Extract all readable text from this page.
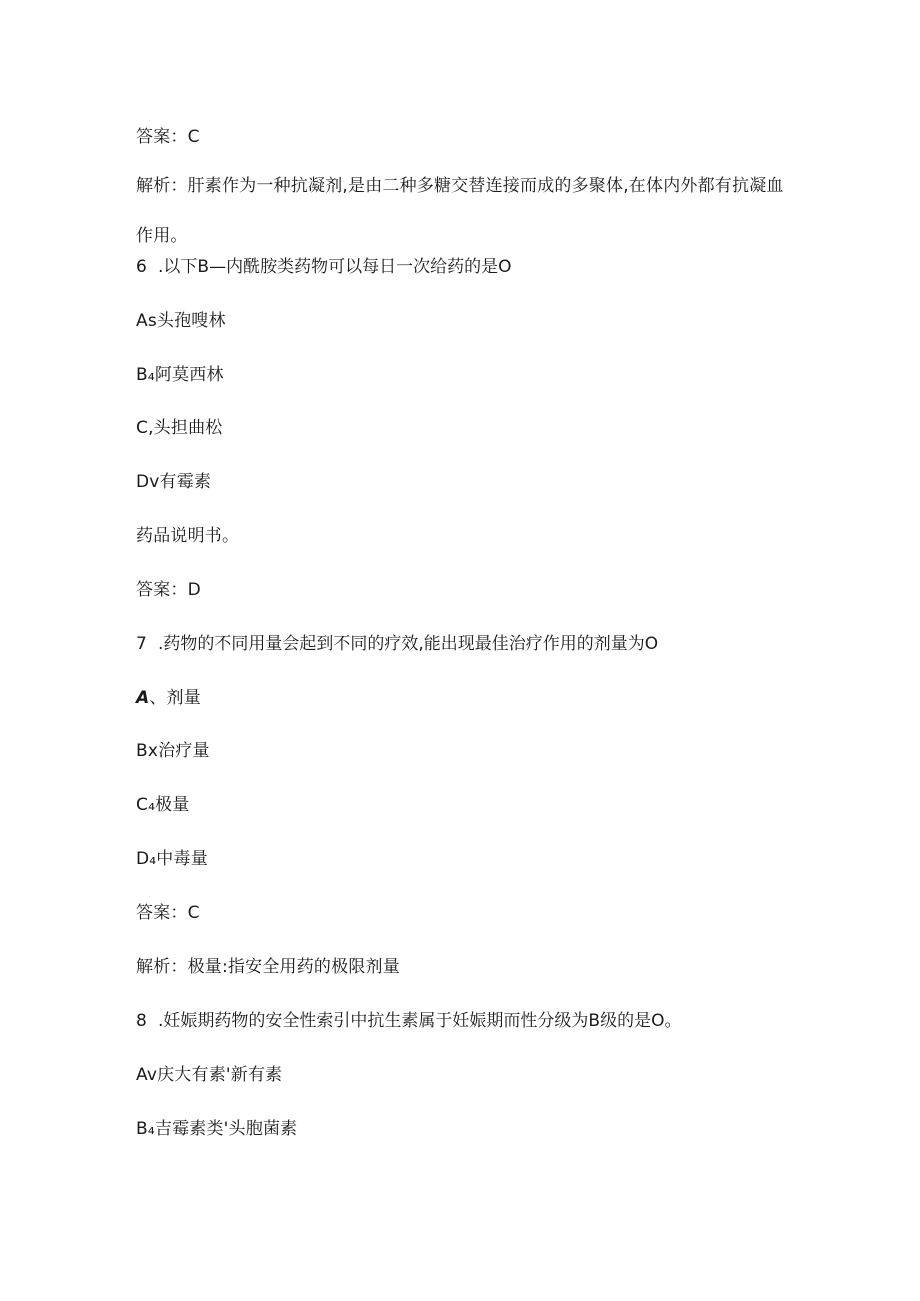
答案：C
解析：肝素作为一种抗凝剂,是由二种多糖交替连接而成的多聚体,在体内外都有抗凝血
作用。
6 .以下B—内酰胺类药物可以每日一次给药的是O
As头孢嗖林
B₄阿莫西林
C,头担曲松
Dv有霉素
药品说明书。
答案：D
7 .药物的不同用量会起到不同的疗效,能出现最佳治疗作用的剂量为O
A、剂量
Bx治疗量
C₄极量
D₄中毒量
答案：C
解析：极量:指安全用药的极限剂量
8 .妊娠期药物的安全性索引中抗生素属于妊娠期而性分级为B级的是O。
Av庆大有素'新有素
B₄吉霉素类'头胞菌素
